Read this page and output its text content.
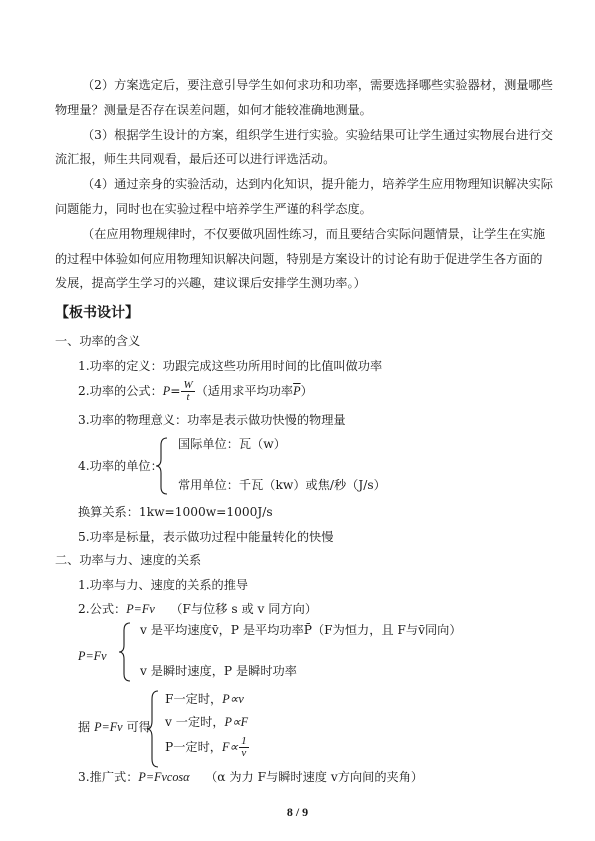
（2）方案选定后，要注意引导学生如何求功和功率，需要选择哪些实验器材，测量哪些
物理量？测量是否存在误差问题，如何才能较准确地测量。
（3）根据学生设计的方案，组织学生进行实验。实验结果可让学生通过实物展台进行交
流汇报，师生共同观看，最后还可以进行评选活动。
（4）通过亲身的实验活动，达到内化知识，提升能力，培养学生应用物理知识解决实际
问题能力，同时也在实验过程中培养学生严谨的科学态度。
（在应用物理规律时，不仅要做巩固性练习，而且要结合实际问题情景，让学生在实施
的过程中体验如何应用物理知识解决问题，特别是方案设计的讨论有助于促进学生各方面的
发展，提高学生学习的兴趣，建议课后安排学生测功率。）
【板书设计】
一、功率的含义
1.功率的定义：功跟完成这些功所用时间的比值叫做功率
2.功率的公式：$P= \frac{W}{t}$ （适用求平均功率$\overline{P}$）
3.功率的物理意义：功率是表示做功快慢的物理量
4.功率的单位：
国际单位：瓦（w）
常用单位：千瓦（kw）或焦/秒（J/s）
换算关系：1kw=1000w=1000J/s
5.功率是标量，表示做功过程中能量转化的快慢
二、功率与力、速度的关系
1.功率与力、速度的关系的推导
2.公式：P=Fv （F与位移 s 或 v 同方向）
P=Fv
v 是平均速度v̄，P 是平均功率P̄（F为恒力，且 F与v̄同向）
v 是瞬时速度，P 是瞬时功率
据 P=Fv 可得
F一定时，P∝v
v 一定时，P∝F
P一定时，$F\propto \frac{1}{v}$
3.推广式：P=Fvcosα （α 为力 F与瞬时速度 v方向间的夹角）
8 / 9
